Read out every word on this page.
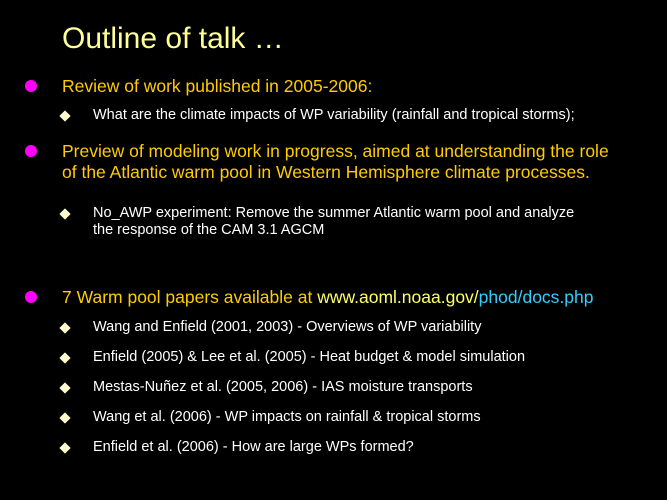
Outline of talk …
Review of work published in 2005-2006:
What are the climate impacts of WP variability (rainfall and tropical storms);
Preview of modeling work in progress, aimed at understanding the role
of the Atlantic warm pool in Western Hemisphere climate processes.
No_AWP experiment: Remove the summer Atlantic warm pool and analyze
the response of the CAM 3.1 AGCM
7 Warm pool papers available at www.aoml.noaa.gov/phod/docs.php
Wang and Enfield (2001, 2003) - Overviews of WP variability
Enfield (2005) & Lee et al. (2005) - Heat budget & model simulation
Mestas-Nuñez et al. (2005, 2006) - IAS moisture transports
Wang et al. (2006) - WP impacts on rainfall & tropical storms
Enfield et al. (2006) - How are large WPs formed?
